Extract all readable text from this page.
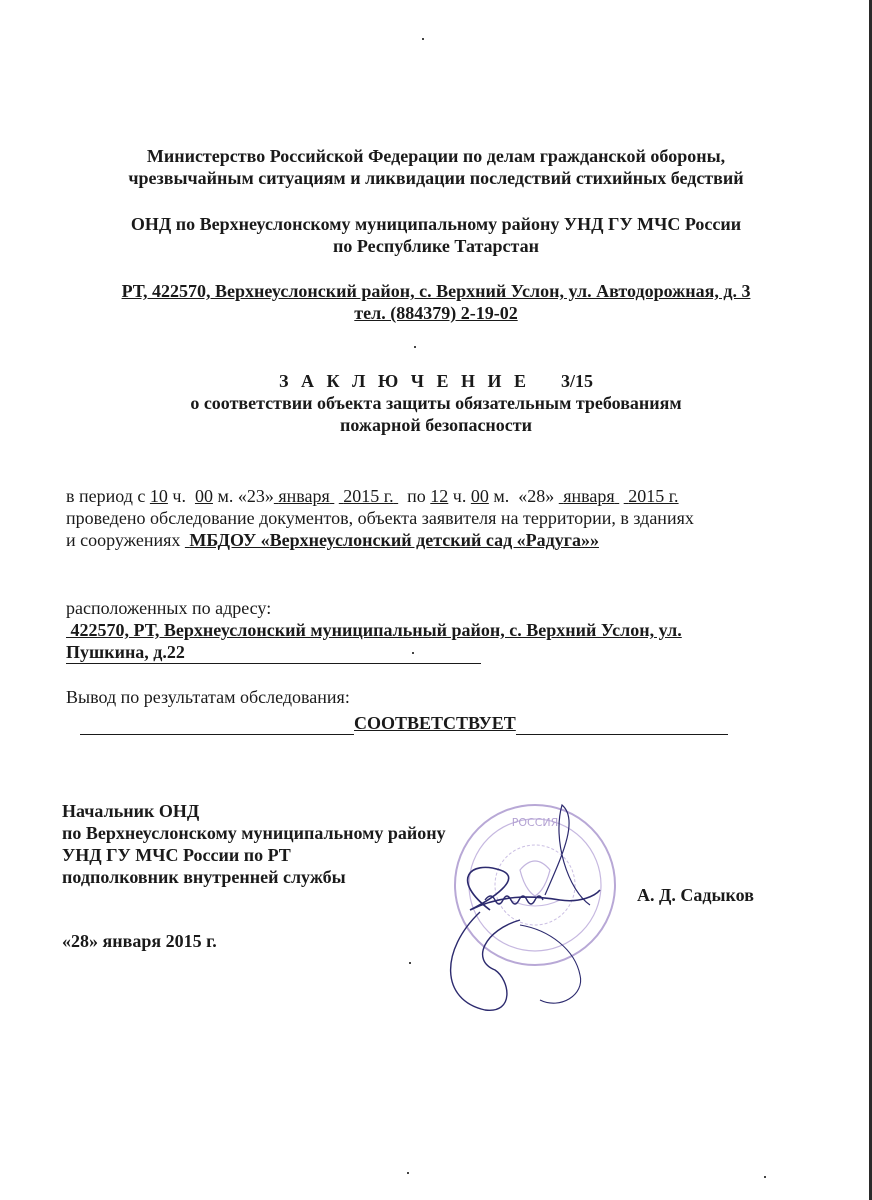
Министерство Российской Федерации по делам гражданской обороны,
чрезвычайным ситуациям и ликвидации последствий стихийных бедствий
ОНД по Верхнеуслонскому муниципальному району УНД ГУ МЧС России
по Республике Татарстан
РТ, 422570, Верхнеуслонский район, с. Верхний Услон, ул. Автодорожная, д. 3
тел. (884379) 2-19-02
З А К Л Ю Ч Е Н И Е 3/15
о соответствии объекта защиты обязательным требованиям
пожарной безопасности
в период с 10 ч. 00 м. «23» января 2015 г. по 12 ч. 00 м. «28» января 2015 г.
проведено обследование документов, объекта заявителя на территории, в зданиях
и сооружениях МБДОУ «Верхнеуслонский детский сад «Радуга»»
расположенных по адресу:
422570, РТ, Верхнеуслонский муниципальный район, с. Верхний Услон, ул.
Пушкина, д.22
Вывод по результатам обследования:
СООТВЕТСТВУЕТ
Начальник ОНД
по Верхнеуслонскому муниципальному району
УНД ГУ МЧС России по РТ
подполковник внутренней службы
А. Д. Садыков
«28» января 2015 г.
РОССИЯ
